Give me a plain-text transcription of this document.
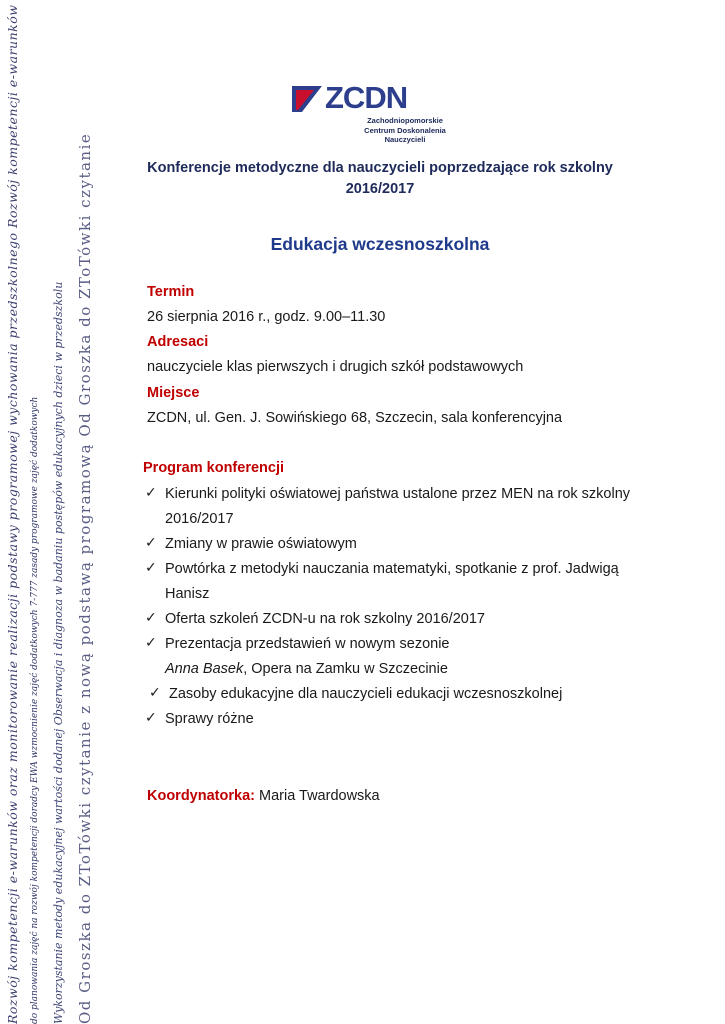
Rozwój kompetencji e-warunków oraz monitorowanie realizacji podstawy programowej wychowania przedszkolnego Rozwój kompetencji e-warunków	do planowania zajęć na rozwój kompetencji doradcy EWA wzmocnienie zajęć dodatkowych 7-777 zasady programowe zajęć dodatkowych	Wykorzystanie metody edukacyjnej wartości dodanej Obserwacja i diagnoza w badaniu postępów edukacyjnych dzieci w przedszkolu Od Groszka do ZToTówki czytanie z nową podstawą programową Od Groszka do ZToTówki czytanie
ZCDN
Zachodniopomorskie
Centrum Doskonalenia Nauczycieli
Konferencje metodyczne dla nauczycieli poprzedzające rok szkolny
2016/2017
Edukacja wczesnoszkolna
Termin
26 sierpnia 2016 r., godz. 9.00–11.30
Adresaci
nauczyciele klas pierwszych i drugich szkół podstawowych
Miejsce
ZCDN, ul. Gen. J. Sowińskiego 68, Szczecin, sala konferencyjna
Program konferencji
✓ Kierunki polityki oświatowej państwa ustalone przez MEN na rok szkolny
2016/2017
✓ Zmiany w prawie oświatowym
✓ Powtórka z metodyki nauczania matematyki, spotkanie z prof. Jadwigą
Hanisz
✓ Oferta szkoleń ZCDN-u na rok szkolny 2016/2017
✓ Prezentacja przedstawień w nowym sezonie
Anna Basek, Opera na Zamku w Szczecinie
✓ Zasoby edukacyjne dla nauczycieli edukacji wczesnoszkolnej
✓ Sprawy różne
Koordynatorka: Maria Twardowska
